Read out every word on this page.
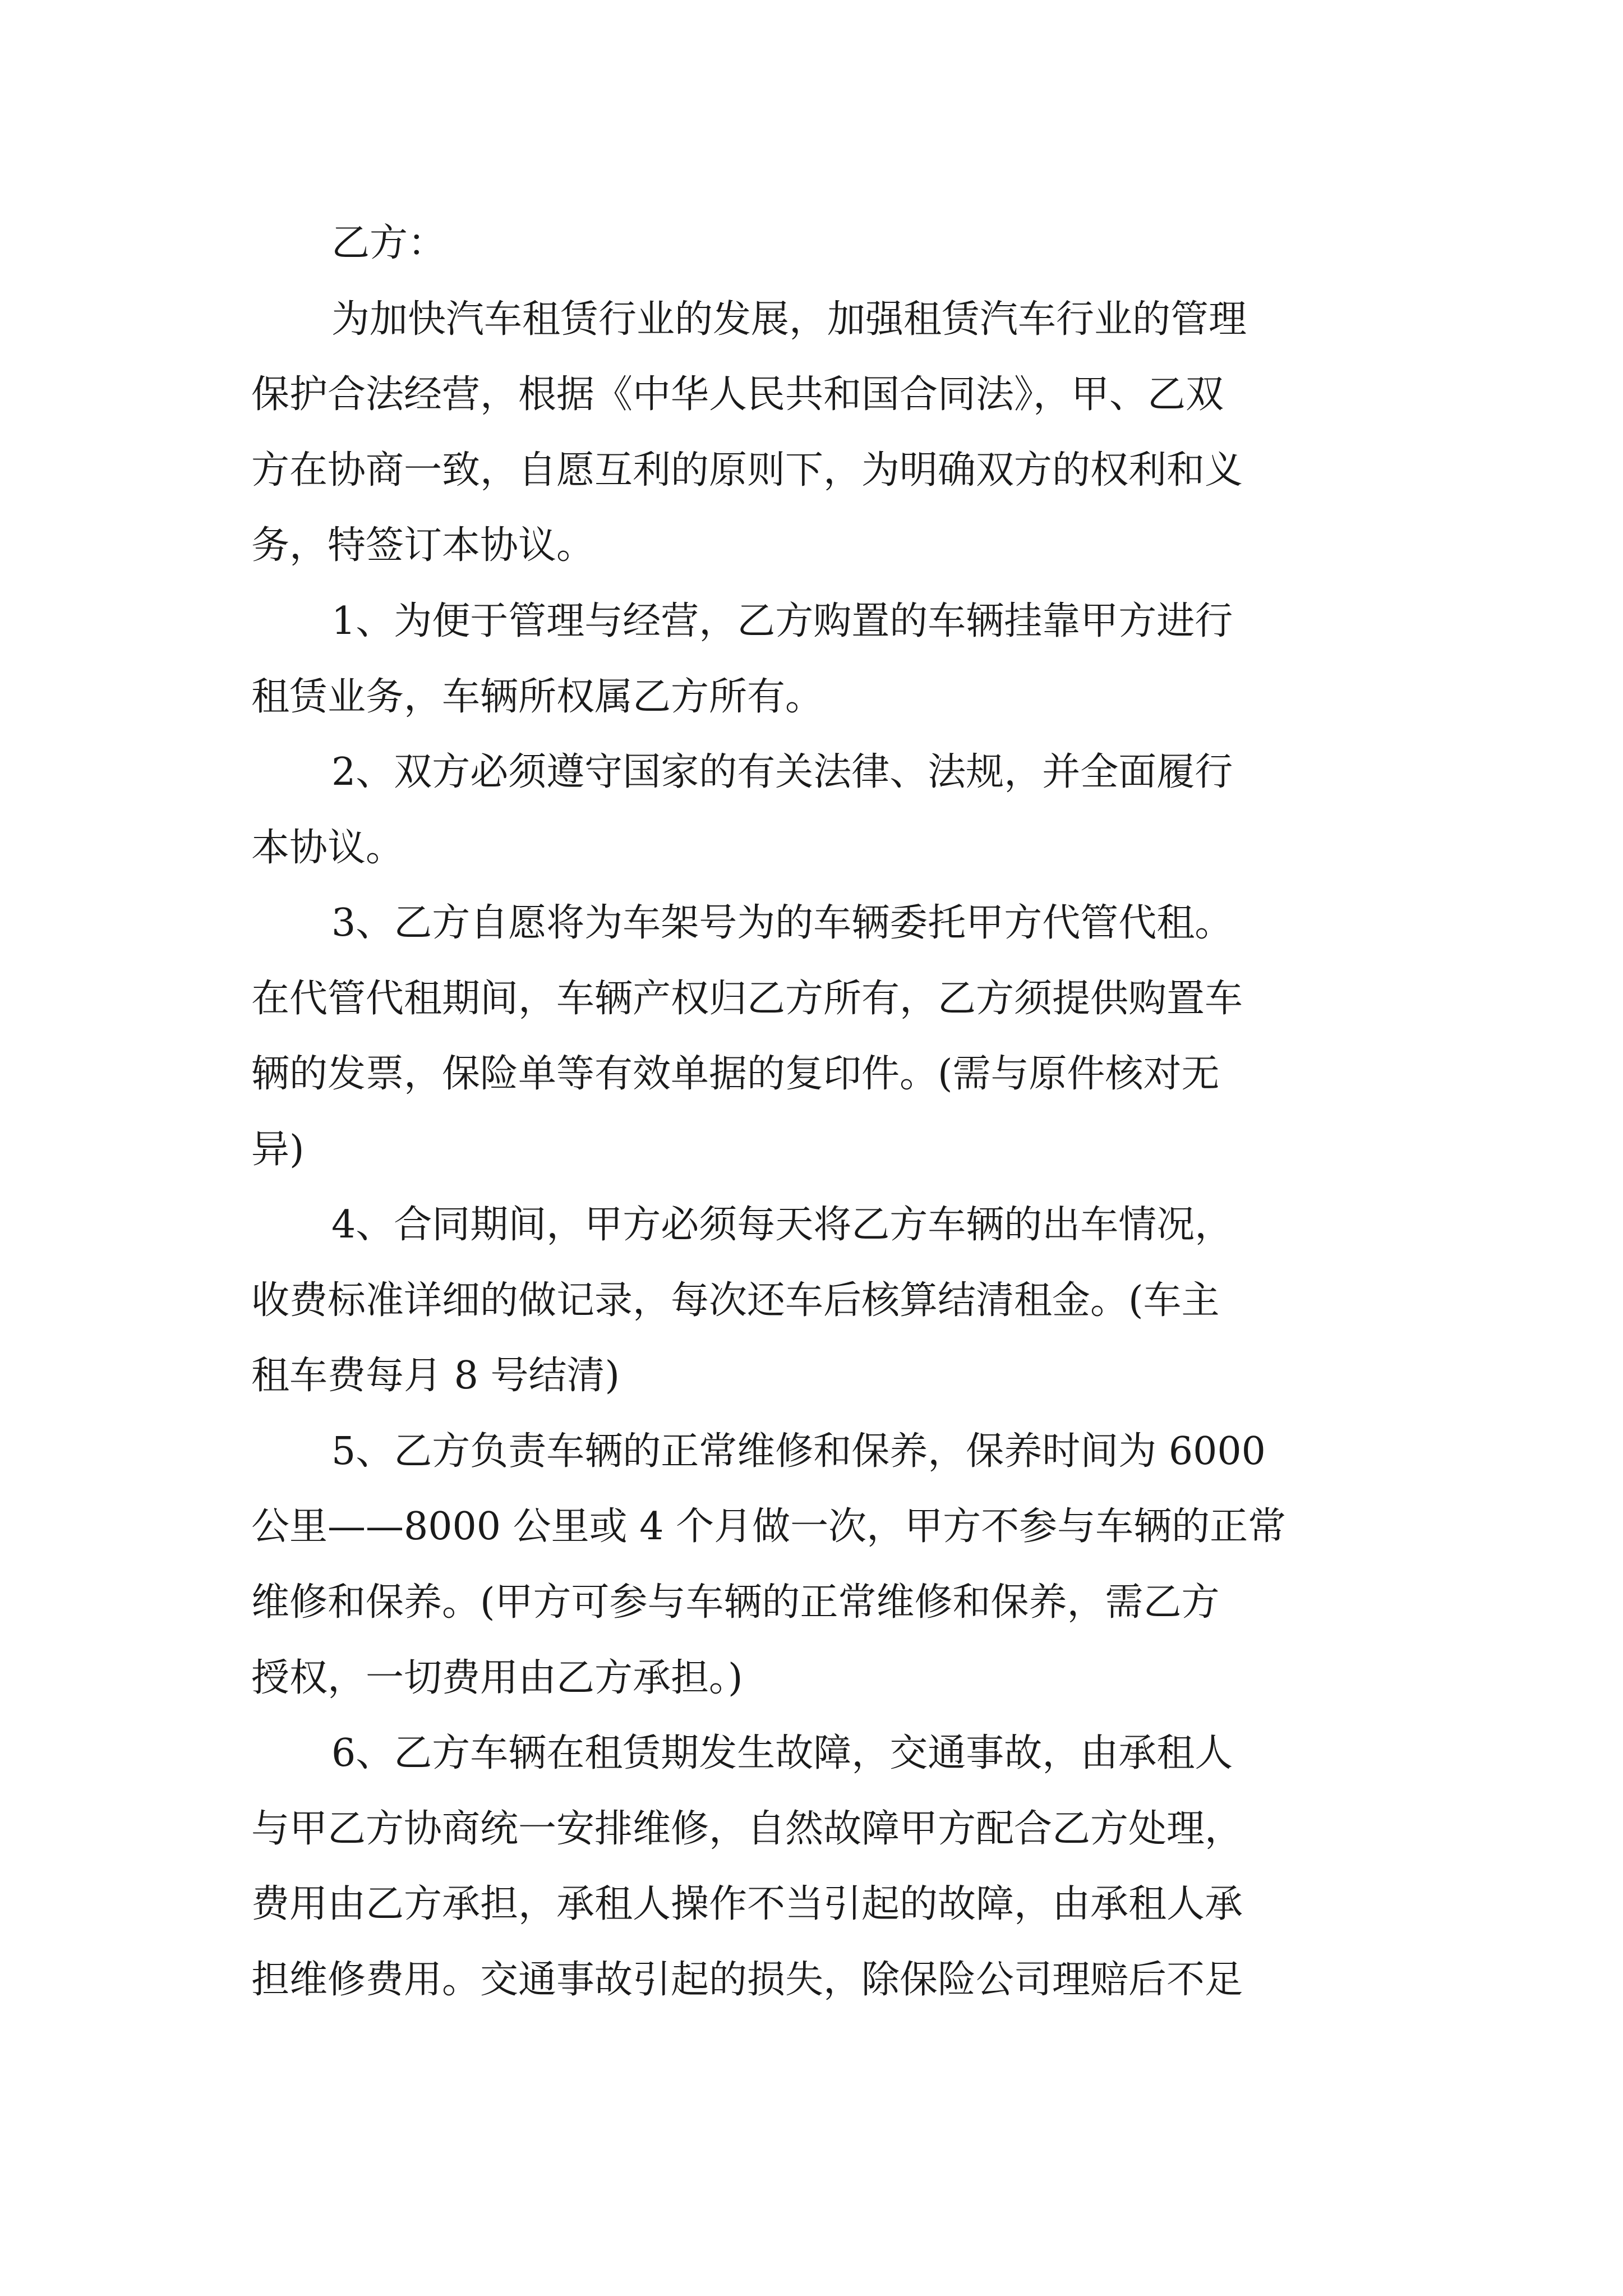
乙方：

为加快汽车租赁行业的发展，加强租赁汽车行业的管理

保护合法经营，根据《中华人民共和国合同法》，甲、乙双

方在协商一致，自愿互利的原则下，为明确双方的权利和义

务，特签订本协议。

1、为便于管理与经营，乙方购置的车辆挂靠甲方进行

租赁业务，车辆所权属乙方所有。

2、双方必须遵守国家的有关法律、法规，并全面履行

本协议。

3、乙方自愿将为车架号为的车辆委托甲方代管代租。

在代管代租期间，车辆产权归乙方所有，乙方须提供购置车

辆的发票，保险单等有效单据的复印件。(需与原件核对无

异)

4、合同期间，甲方必须每天将乙方车辆的出车情况，

收费标准详细的做记录，每次还车后核算结清租金。(车主

租车费每月 8 号结清)

5、乙方负责车辆的正常维修和保养，保养时间为 6000

公里——8000 公里或 4 个月做一次，甲方不参与车辆的正常

维修和保养。(甲方可参与车辆的正常维修和保养，需乙方

授权，一切费用由乙方承担。)

6、乙方车辆在租赁期发生故障，交通事故，由承租人

与甲乙方协商统一安排维修，自然故障甲方配合乙方处理，

费用由乙方承担，承租人操作不当引起的故障，由承租人承

担维修费用。交通事故引起的损失，除保险公司理赔后不足
